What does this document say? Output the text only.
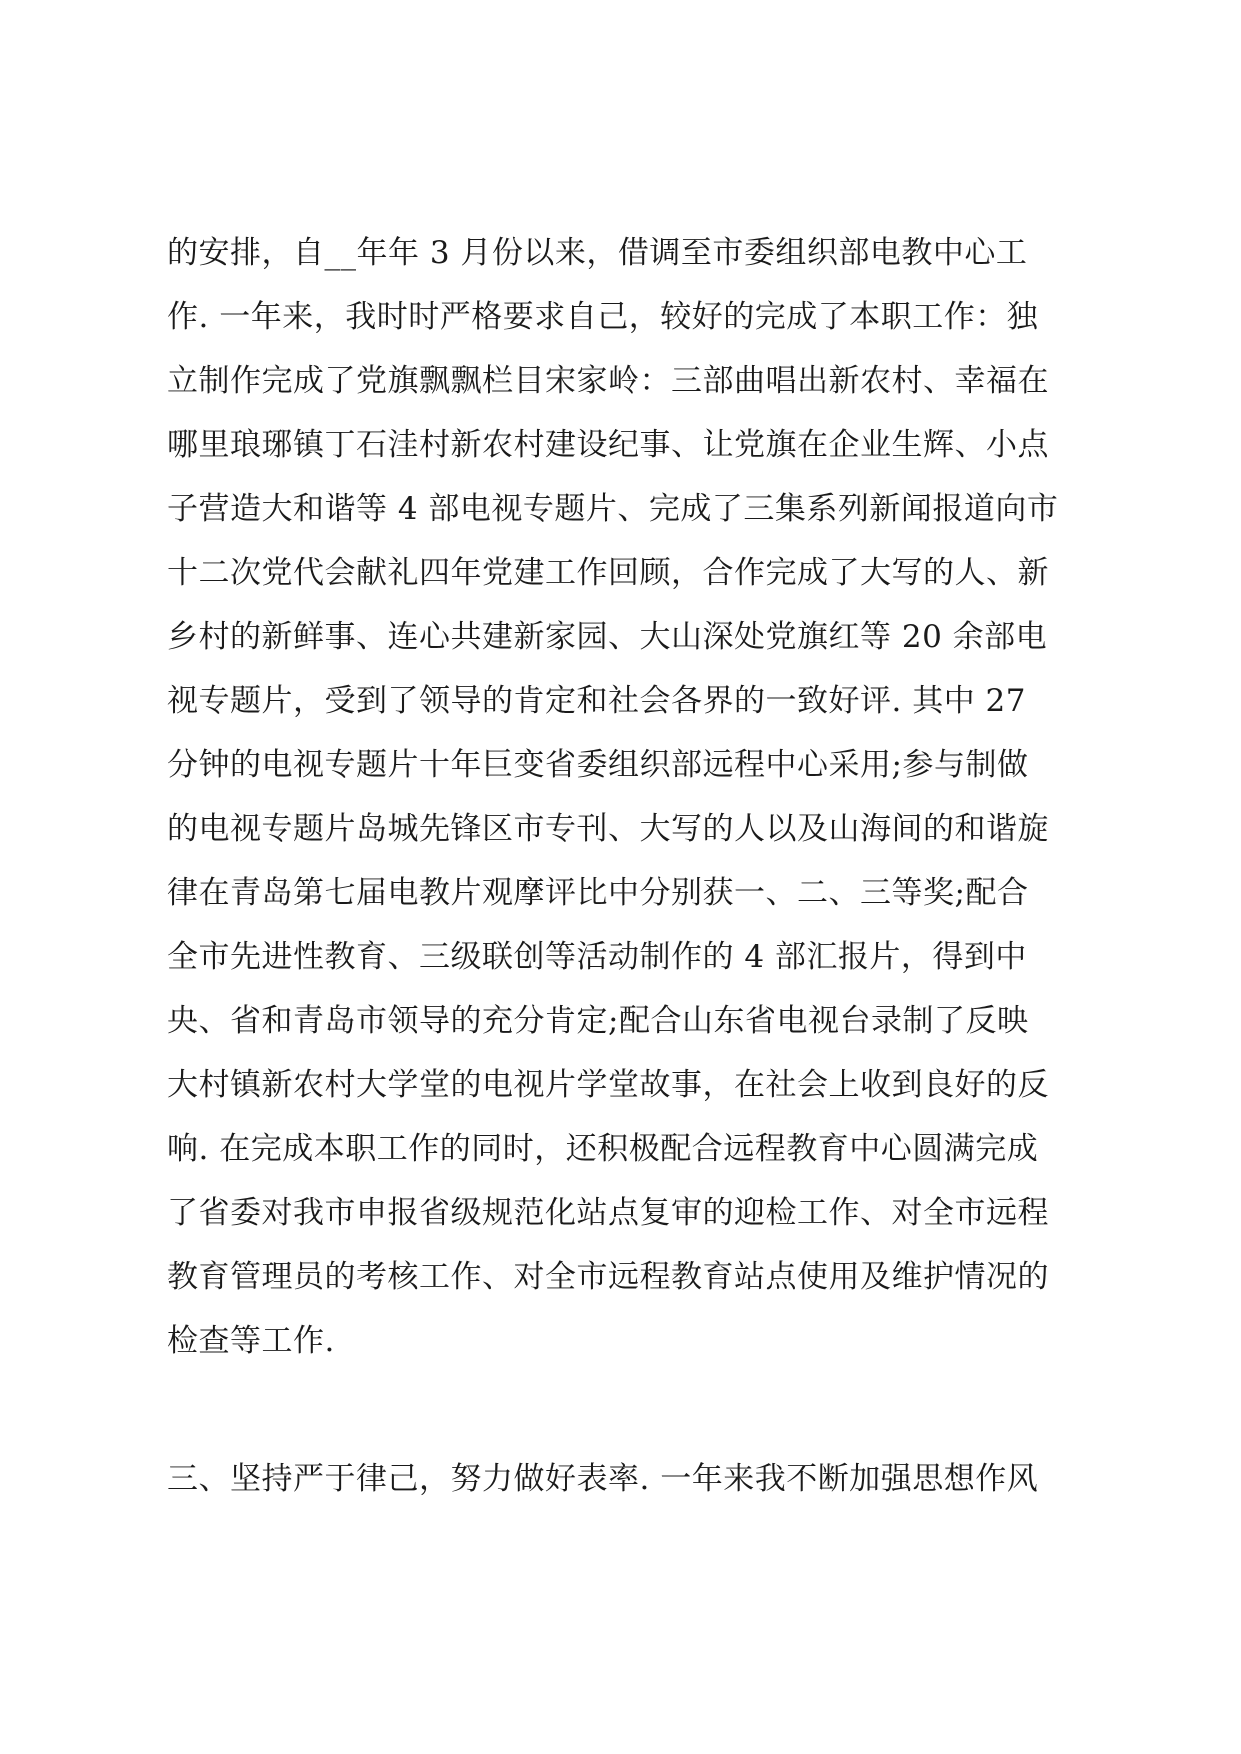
的安排，自__年年 3 月份以来，借调至市委组织部电教中心工
作. 一年来，我时时严格要求自己，较好的完成了本职工作：独
立制作完成了党旗飘飘栏目宋家岭：三部曲唱出新农村、幸福在
哪里琅琊镇丁石洼村新农村建设纪事、让党旗在企业生辉、小点
子营造大和谐等 4 部电视专题片、完成了三集系列新闻报道向市
十二次党代会献礼四年党建工作回顾，合作完成了大写的人、新
乡村的新鲜事、连心共建新家园、大山深处党旗红等 20 余部电
视专题片，受到了领导的肯定和社会各界的一致好评. 其中 27
分钟的电视专题片十年巨变省委组织部远程中心采用;参与制做
的电视专题片岛城先锋区市专刊、大写的人以及山海间的和谐旋
律在青岛第七届电教片观摩评比中分别获一、二、三等奖;配合
全市先进性教育、三级联创等活动制作的 4 部汇报片，得到中
央、省和青岛市领导的充分肯定;配合山东省电视台录制了反映
大村镇新农村大学堂的电视片学堂故事，在社会上收到良好的反
响. 在完成本职工作的同时，还积极配合远程教育中心圆满完成
了省委对我市申报省级规范化站点复审的迎检工作、对全市远程
教育管理员的考核工作、对全市远程教育站点使用及维护情况的
检查等工作.
三、坚持严于律己，努力做好表率. 一年来我不断加强思想作风
